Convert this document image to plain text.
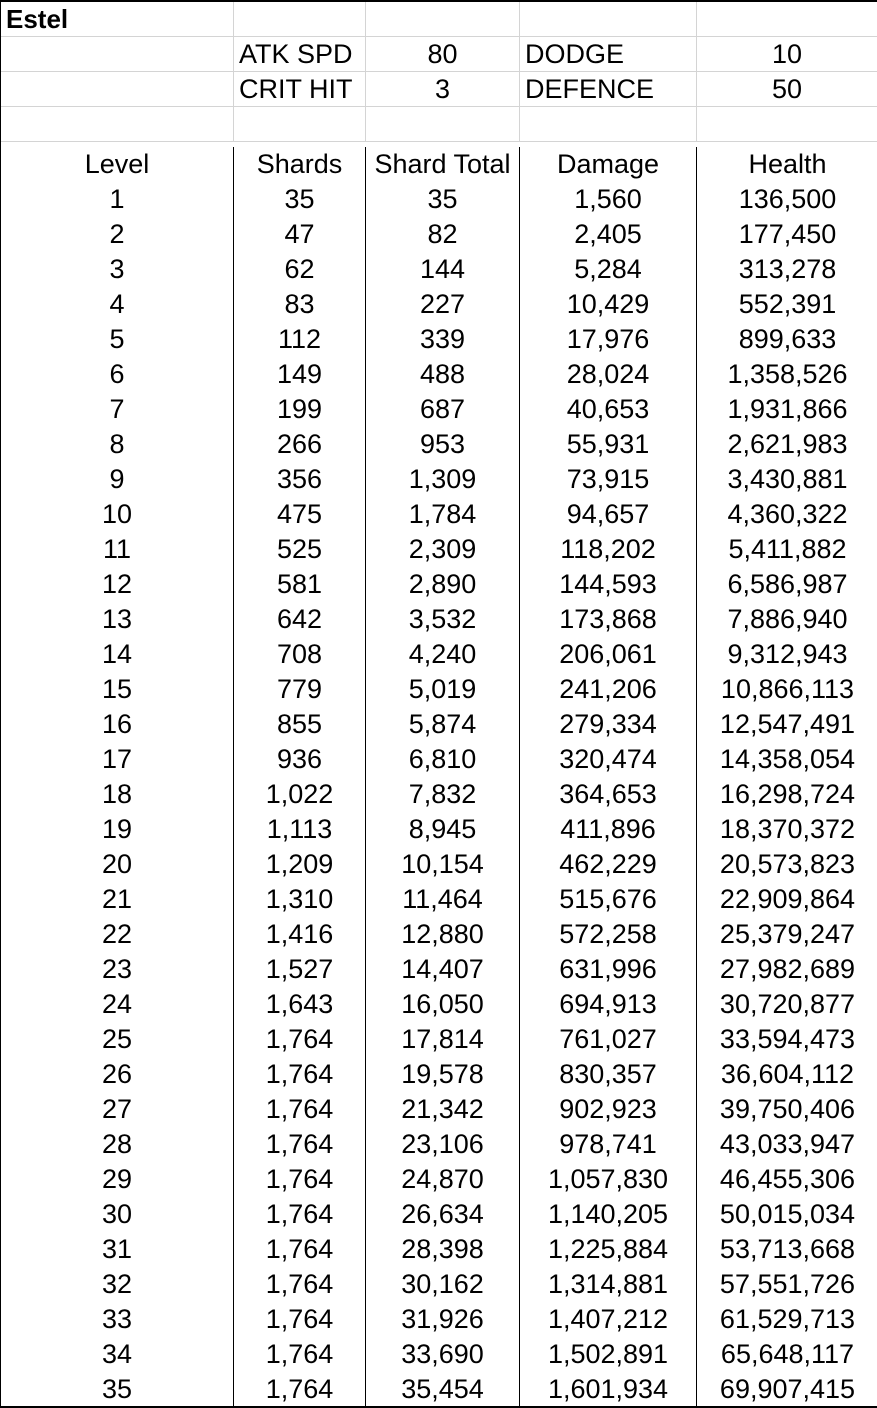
Estel
ATK SPD	80	DODGE	10
CRIT HIT	3	DEFENCE	50
Level	Shards	Shard Total	Damage	Health
1	35	35	1,560	136,500
2	47	82	2,405	177,450
3	62	144	5,284	313,278
4	83	227	10,429	552,391
5	112	339	17,976	899,633
6	149	488	28,024	1,358,526
7	199	687	40,653	1,931,866
8	266	953	55,931	2,621,983
9	356	1,309	73,915	3,430,881
10	475	1,784	94,657	4,360,322
11	525	2,309	118,202	5,411,882
12	581	2,890	144,593	6,586,987
13	642	3,532	173,868	7,886,940
14	708	4,240	206,061	9,312,943
15	779	5,019	241,206	10,866,113
16	855	5,874	279,334	12,547,491
17	936	6,810	320,474	14,358,054
18	1,022	7,832	364,653	16,298,724
19	1,113	8,945	411,896	18,370,372
20	1,209	10,154	462,229	20,573,823
21	1,310	11,464	515,676	22,909,864
22	1,416	12,880	572,258	25,379,247
23	1,527	14,407	631,996	27,982,689
24	1,643	16,050	694,913	30,720,877
25	1,764	17,814	761,027	33,594,473
26	1,764	19,578	830,357	36,604,112
27	1,764	21,342	902,923	39,750,406
28	1,764	23,106	978,741	43,033,947
29	1,764	24,870	1,057,830	46,455,306
30	1,764	26,634	1,140,205	50,015,034
31	1,764	28,398	1,225,884	53,713,668
32	1,764	30,162	1,314,881	57,551,726
33	1,764	31,926	1,407,212	61,529,713
34	1,764	33,690	1,502,891	65,648,117
35	1,764	35,454	1,601,934	69,907,415
